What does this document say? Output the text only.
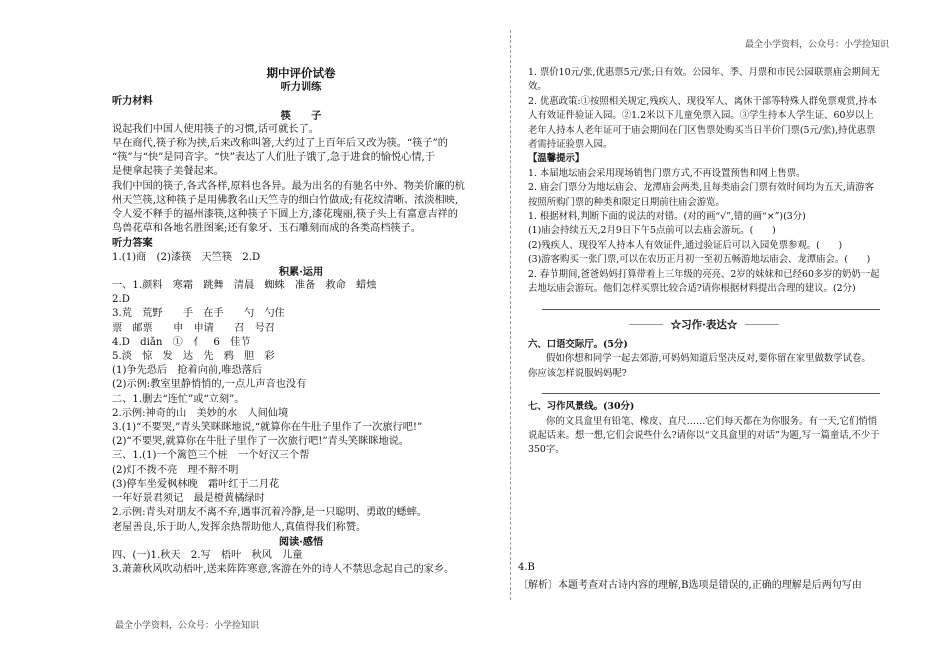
最全小学资料，公众号：小学捡知识

期中评价试卷

听力训练

听力材料

筷　　子

说起我们中国人使用筷子的习惯,话可就长了。

早在商代,筷子称为挟,后来改称叫箸,大约过了上百年后又改为筷。“筷子”的

“筷”与“快”是同音字。“快”表达了人们肚子饿了,急于进食的愉悦心情,于

是便拿起筷子美餐起来。

我们中国的筷子,各式各样,原料也各异。最为出名的有驰名中外、物美价廉的杭

州天竺筷,这种筷子是用佛教名山天竺寺的细白竹做成;有花纹清晰、浓淡相映,

令人爱不释手的福州漆筷,这种筷子下圆上方,漆花瑰丽,筷子头上有富意吉祥的

鸟兽花草和各地名胜图案;还有象牙、玉石雕刻而成的各类高档筷子。

听力答案

1.(1)商　(2)漆筷　天竺筷　2.D

积累·运用

一、1.颜料　寒霜　跳舞　清晨　蜘蛛　准备　救命　蜡烛

2.D

3.荒　荒野　　手　在手　　勺　勺住

票　邮票　　申　申请　　召　号召

4.D　diǎn　①　亻　6　佳节

5.淡　惊　发　达　先　鸦　胆　彩

(1)争先恐后　抢着向前,唯恐落后

(2)示例:教室里静悄悄的,一点儿声音也没有

二、1.删去“连忙”或“立刻”。

2.示例:神奇的山　美妙的水　人间仙境

3.(1)“不要哭,”青头笑眯眯地说,“就算你在牛肚子里作了一次旅行吧!”

(2)“不要哭,就算你在牛肚子里作了一次旅行吧!”青头笑眯眯地说。

三、1.(1)一个篱笆三个桩　一个好汉三个帮

(2)灯不拨不亮　理不辩不明

(3)停车坐爱枫林晚　霜叶红于二月花

一年好景君须记　最是橙黄橘绿时

2.示例:青头对朋友不离不弃,遇事沉着冷静,是一只聪明、勇敢的蟋蟀。

老屋善良,乐于助人,发挥余热帮助他人,真值得我们称赞。

阅读·感悟

四、(一)1.秋天　2.写　梧叶　秋风　儿童

3.萧萧秋风吹动梧叶,送来阵阵寒意,客游在外的诗人不禁思念起自己的家乡。

1. 票价10元/张,优惠票5元/张;日有效。公园年、季、月票和市民公园联票庙会期间无效。

2. 优惠政策:①按照相关规定,残疾人、现役军人、离休干部等特殊人群免票观赏,持本人有效证件验证入园。②1.2米以下儿童免票入园。③学生持本人学生证、60岁以上老年人持本人老年证可于庙会期间在门区售票处购买当日半价门票(5元/张),持优惠票者需持证验票入园。

【温馨提示】

1. 本届地坛庙会采用现场销售门票方式,不再设置预售和网上售票。

2. 庙会门票分为地坛庙会、龙潭庙会两类,且每类庙会门票有效时间均为五天,请游客按照所购门票的种类和限定日期前往庙会游览。

1. 根据材料,判断下面的说法的对错。(对的画“√”,错的画“×”)(3分)

(1)庙会持续五天,2月9日下午5点前可以去庙会游玩。(　　)

(2)残疾人、现役军人持本人有效证件,通过验证后可以入园免票参观。(　　)

(3)游客购买一张门票,可以在农历正月初一至初五畅游地坛庙会、龙潭庙会。(　　)

2. 春节期间,爸爸妈妈打算带着上三年级的亮亮、2岁的妹妹和已经60多岁的奶奶一起去地坛庙会游玩。他们怎样买票比较合适?请你根据材料提出合理的建议。(2分)

☆习作·表达☆

六、口语交际厅。(5分)

假如你想和同学一起去郊游,可妈妈知道后坚决反对,要你留在家里做数学试卷。你应该怎样说服妈妈呢?

七、习作风景线。(30分)

你的文具盒里有铅笔、橡皮、直尺……它们每天都在为你服务。有一天,它们悄悄说起话来。想一想,它们会说些什么?请你以“文具盒里的对话”为题,写一篇童话,不少于350字。

4.B
〔解析〕本题考查对古诗内容的理解,B选项是错误的,正确的理解是后两句写由
最全小学资料，公众号：小学捡知识
